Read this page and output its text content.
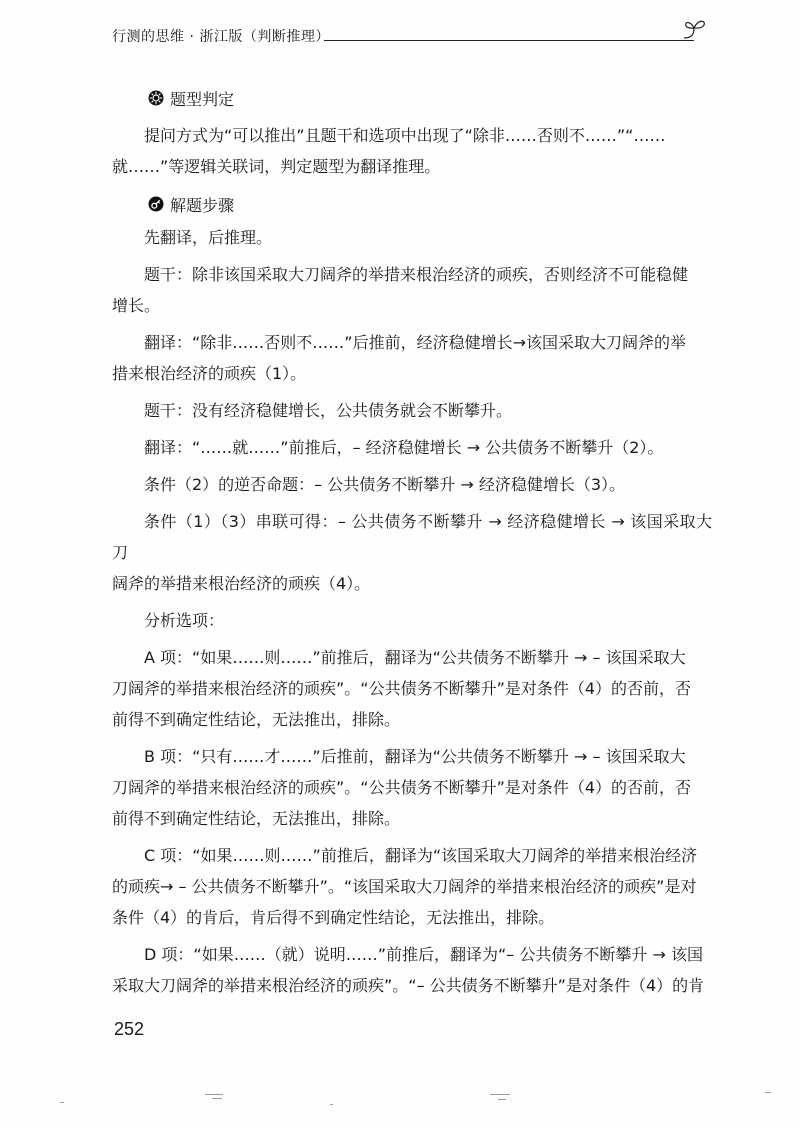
行测的思维 · 浙江版（判断推理）
题型判定

提问方式为“可以推出”且题干和选项中出现了“除非……否则不……”“……
就……”等逻辑关联词，判定题型为翻译推理。

解题步骤

先翻译，后推理。

题干：除非该国采取大刀阔斧的举措来根治经济的顽疾，否则经济不可能稳健
增长。

翻译：“除非……否则不……”后推前，经济稳健增长→该国采取大刀阔斧的举
措来根治经济的顽疾（1）。

题干：没有经济稳健增长，公共债务就会不断攀升。

翻译：“……就……”前推后，– 经济稳健增长 → 公共债务不断攀升（2）。

条件（2）的逆否命题：– 公共债务不断攀升 → 经济稳健增长（3）。

条件（1）（3）串联可得：– 公共债务不断攀升 → 经济稳健增长 → 该国采取大刀
阔斧的举措来根治经济的顽疾（4）。

分析选项：

A 项：“如果……则……”前推后，翻译为“公共债务不断攀升 → – 该国采取大
刀阔斧的举措来根治经济的顽疾”。“公共债务不断攀升”是对条件（4）的否前，否
前得不到确定性结论，无法推出，排除。

B 项：“只有……才……”后推前，翻译为“公共债务不断攀升 → – 该国采取大
刀阔斧的举措来根治经济的顽疾”。“公共债务不断攀升”是对条件（4）的否前，否
前得不到确定性结论，无法推出，排除。

C 项：“如果……则……”前推后，翻译为“该国采取大刀阔斧的举措来根治经济
的顽疾→ – 公共债务不断攀升”。“该国采取大刀阔斧的举措来根治经济的顽疾”是对
条件（4）的肯后，肯后得不到确定性结论，无法推出，排除。

D 项：“如果……（就）说明……”前推后，翻译为“– 公共债务不断攀升 → 该国
采取大刀阔斧的举措来根治经济的顽疾”。“– 公共债务不断攀升”是对条件（4）的肯

252
